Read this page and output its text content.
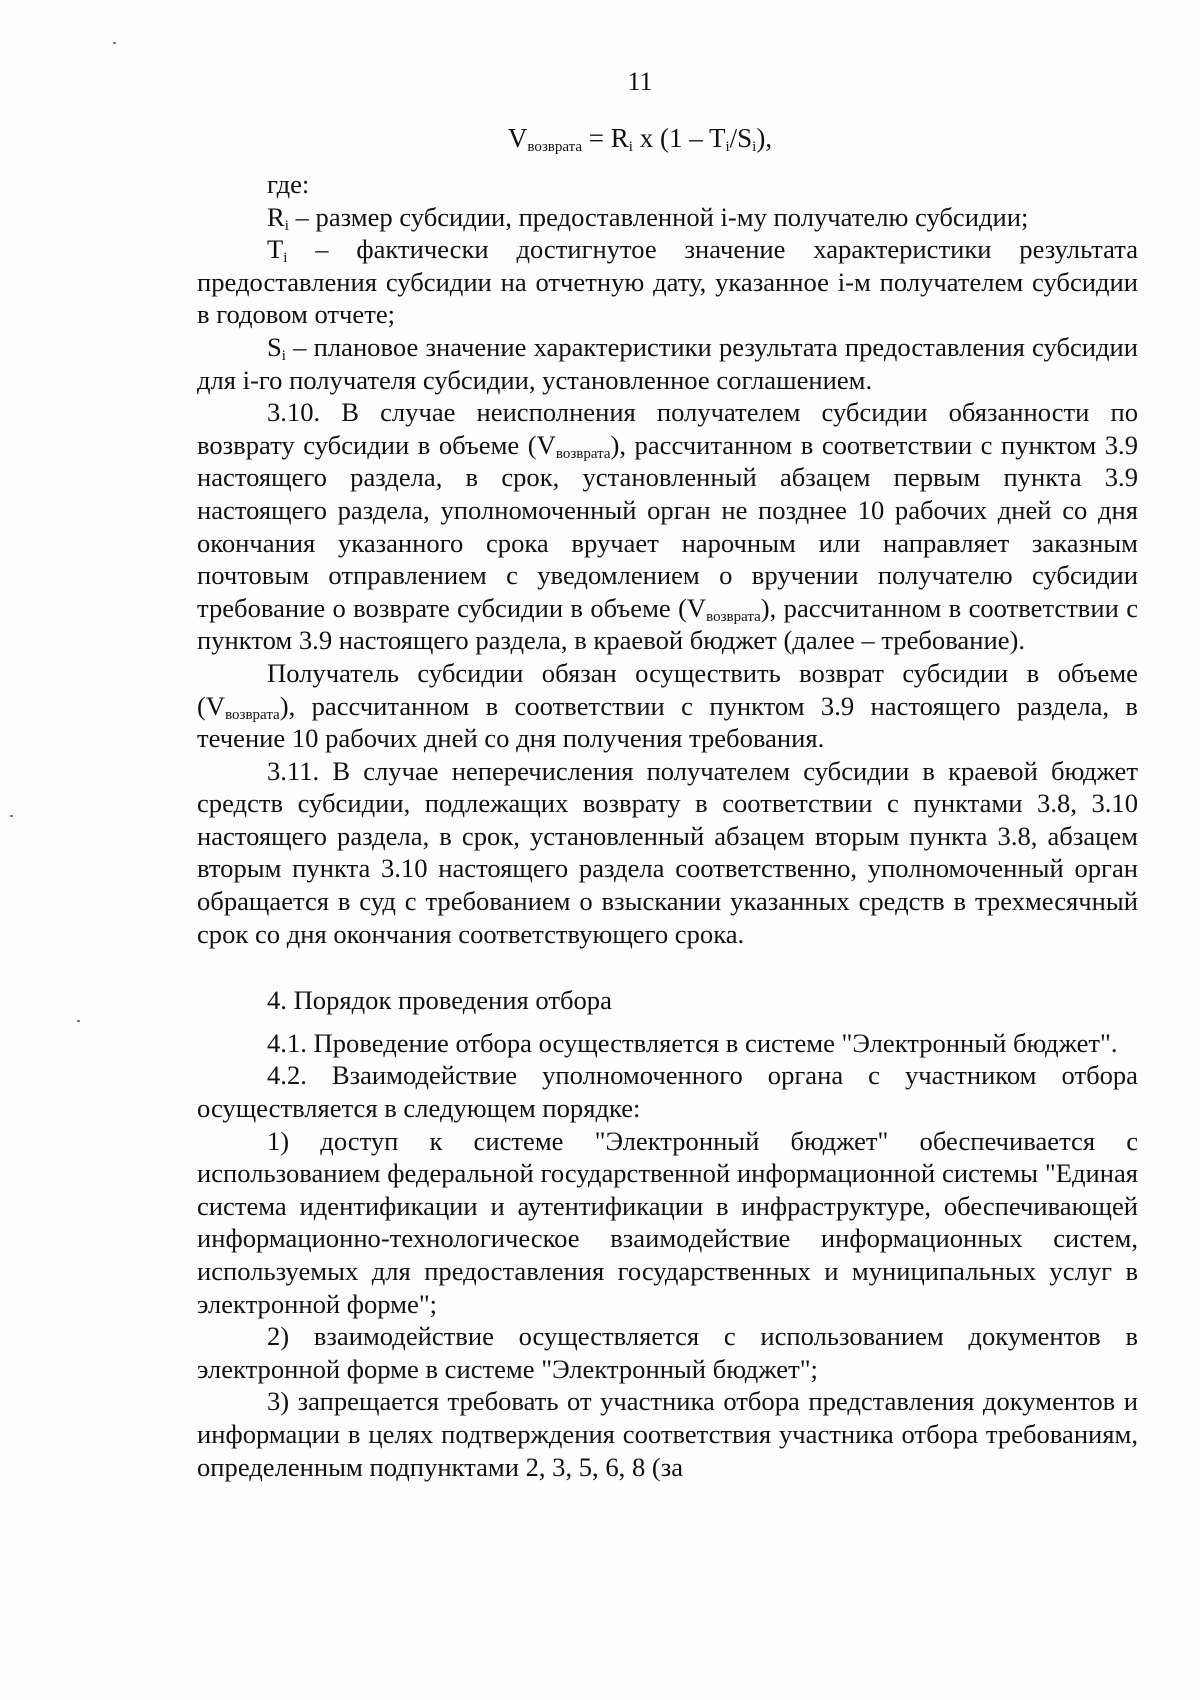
11
$V_{возврата} = R_i$ x $(1 - T_i/S_i)$,

где:

$R_i$ – размер субсидии, предоставленной i-му получателю субсидии;

$T_i$ – фактически достигнутое значение характеристики результата предоставления субсидии на отчетную дату, указанное i-м получателем субсидии в годовом отчете;

$S_i$ – плановое значение характеристики результата предоставления субсидии для i-го получателя субсидии, установленное соглашением.

3.10. В случае неисполнения получателем субсидии обязанности по возврату субсидии в объеме $(V_{возврата})$, рассчитанном в соответствии с пунктом 3.9 настоящего раздела, в срок, установленный абзацем первым пункта 3.9 настоящего раздела, уполномоченный орган не позднее 10 рабочих дней со дня окончания указанного срока вручает нарочным или направляет заказным почтовым отправлением с уведомлением о вручении получателю субсидии требование о возврате субсидии в объеме $(V_{возврата})$, рассчитанном в соответствии с пунктом 3.9 настоящего раздела, в краевой бюджет (далее – требование).

Получатель субсидии обязан осуществить возврат субсидии в объеме $(V_{возврата})$, рассчитанном в соответствии с пунктом 3.9 настоящего раздела, в течение 10 рабочих дней со дня получения требования.

3.11. В случае неперечисления получателем субсидии в краевой бюджет средств субсидии, подлежащих возврату в соответствии с пунктами 3.8, 3.10 настоящего раздела, в срок, установленный абзацем вторым пункта 3.8, абзацем вторым пункта 3.10 настоящего раздела соответственно, уполномоченный орган обращается в суд с требованием о взыскании указанных средств в трехмесячный срок со дня окончания соответствующего срока.

4. Порядок проведения отбора

4.1. Проведение отбора осуществляется в системе "Электронный бюджет".

4.2. Взаимодействие уполномоченного органа с участником отбора осуществляется в следующем порядке:

1) доступ к системе "Электронный бюджет" обеспечивается с использованием федеральной государственной информационной системы "Единая система идентификации и аутентификации в инфраструктуре, обеспечивающей информационно-технологическое взаимодействие информационных систем, используемых для предоставления государственных и муниципальных услуг в электронной форме";

2) взаимодействие осуществляется с использованием документов в электронной форме в системе "Электронный бюджет";

3) запрещается требовать от участника отбора представления документов и информации в целях подтверждения соответствия участника отбора требованиям, определенным подпунктами 2, 3, 5, 6, 8 (за
